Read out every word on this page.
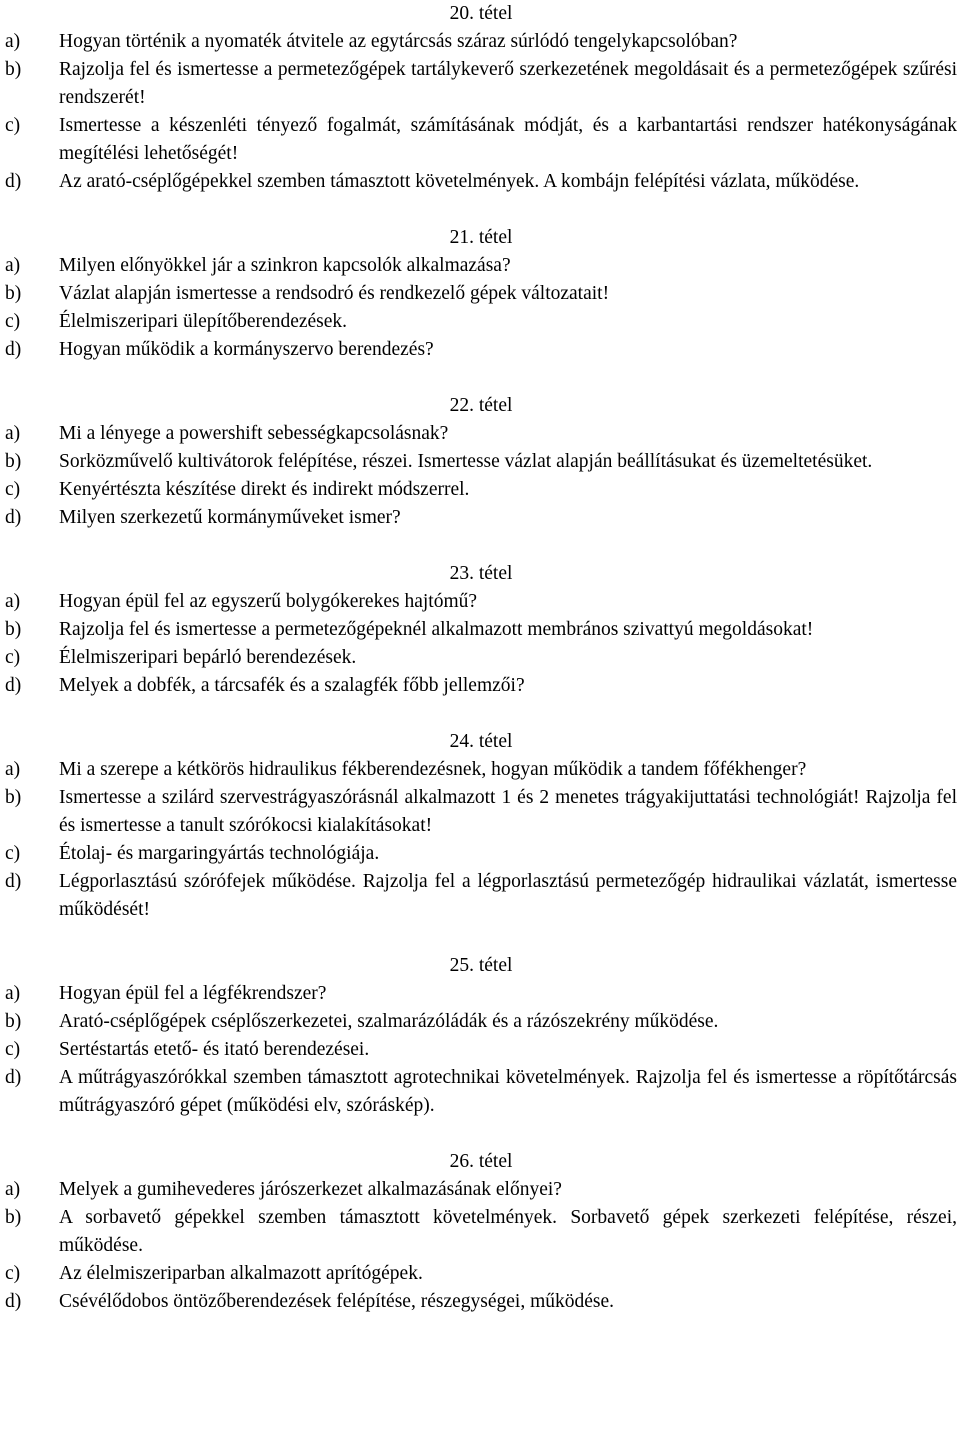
20. tétel

a)	Hogyan történik a nyomaték átvitele az egytárcsás száraz súrlódó tengelykapcsolóban?
b)	Rajzolja fel és ismertesse a permetezőgépek tartálykeverő szerkezetének megoldásait és a permetezőgépek szűrési rendszerét!
c)	Ismertesse a készenléti tényező fogalmát, számításának módját, és a karbantartási rendszer hatékonyságának megítélési lehetőségét!
d)	Az arató-cséplőgépekkel szemben támasztott követelmények. A kombájn felépítési vázlata, működése.

21. tétel

a)	Milyen előnyökkel jár a szinkron kapcsolók alkalmazása?
b)	Vázlat alapján ismertesse a rendsodró és rendkezelő gépek változatait!
c)	Élelmiszeripari ülepítőberendezések.
d)	Hogyan működik a kormányszervo berendezés?

22. tétel

a)	Mi a lényege a powershift sebességkapcsolásnak?
b)	Sorközművelő kultivátorok felépítése, részei. Ismertesse vázlat alapján beállításukat és üzemeltetésüket.
c)	Kenyértészta készítése direkt és indirekt módszerrel.
d)	Milyen szerkezetű kormányműveket ismer?

23. tétel

a)	Hogyan épül fel az egyszerű bolygókerekes hajtómű?
b)	Rajzolja fel és ismertesse a permetezőgépeknél alkalmazott membrános szivattyú megoldásokat!
c)	Élelmiszeripari bepárló berendezések.
d)	Melyek a dobfék, a tárcsafék és a szalagfék főbb jellemzői?

24. tétel

a)	Mi a szerepe a kétkörös hidraulikus fékberendezésnek, hogyan működik a tandem főfékhenger?
b)	Ismertesse a szilárd szervestrágyaszórásnál alkalmazott 1 és 2 menetes trágyakijuttatási technológiát! Rajzolja fel és ismertesse a tanult szórókocsi kialakításokat!
c)	Étolaj- és margaringyártás technológiája.
d)	Légporlasztású szórófejek működése. Rajzolja fel a légporlasztású permetezőgép hidraulikai vázlatát, ismertesse működését!

25. tétel

a)	Hogyan épül fel a légfékrendszer?
b)	Arató-cséplőgépek cséplőszerkezetei, szalmarázóládák és a rázószekrény működése.
c)	Sertéstartás etető- és itató berendezései.
d)	A műtrágyaszórókkal szemben támasztott agrotechnikai követelmények. Rajzolja fel és ismertesse a röpítőtárcsás műtrágyaszóró gépet (működési elv, szóráskép).

26. tétel

a)	Melyek a gumihevederes járószerkezet alkalmazásának előnyei?
b)	A sorbavető gépekkel szemben támasztott követelmények. Sorbavető gépek szerkezeti felépítése, részei, működése.
c)	Az élelmiszeriparban alkalmazott aprítógépek.
d)	Csévélődobos öntözőberendezések felépítése, részegységei, működése.
